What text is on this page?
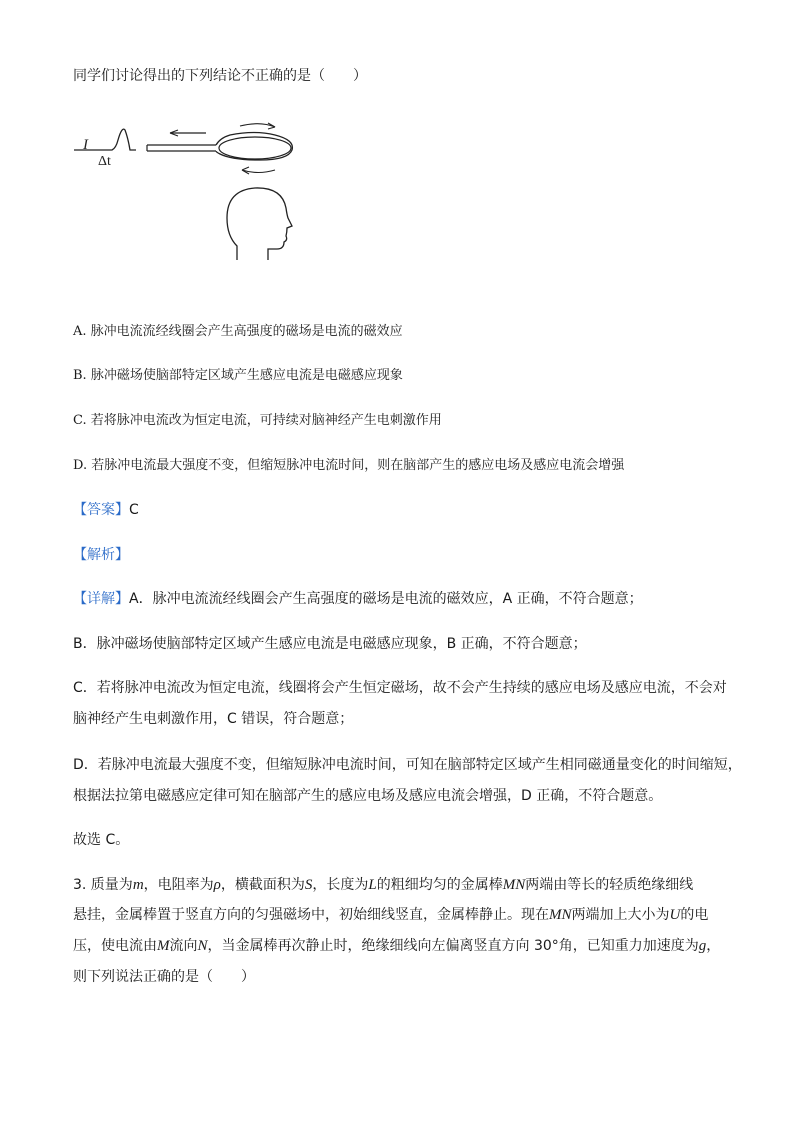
同学们讨论得出的下列结论不正确的是（　　）
I
Δt
A. 脉冲电流流经线圈会产生高强度的磁场是电流的磁效应
B. 脉冲磁场使脑部特定区域产生感应电流是电磁感应现象
C. 若将脉冲电流改为恒定电流，可持续对脑神经产生电刺激作用
D. 若脉冲电流最大强度不变，但缩短脉冲电流时间，则在脑部产生的感应电场及感应电流会增强
【答案】C
【解析】
【详解】A．脉冲电流流经线圈会产生高强度的磁场是电流的磁效应，A 正确，不符合题意；
B．脉冲磁场使脑部特定区域产生感应电流是电磁感应现象，B 正确，不符合题意；
C．若将脉冲电流改为恒定电流，线圈将会产生恒定磁场，故不会产生持续的感应电场及感应电流，不会对
脑神经产生电刺激作用，C 错误，符合题意；
D．若脉冲电流最大强度不变，但缩短脉冲电流时间，可知在脑部特定区域产生相同磁通量变化的时间缩短，
根据法拉第电磁感应定律可知在脑部产生的感应电场及感应电流会增强，D 正确，不符合题意。
故选 C。
3. 质量为m，电阻率为ρ，横截面积为S，长度为L的粗细均匀的金属棒MN两端由等长的轻质绝缘细线
悬挂，金属棒置于竖直方向的匀强磁场中，初始细线竖直，金属棒静止。现在MN两端加上大小为U的电
压，使电流由M流向N，当金属棒再次静止时，绝缘细线向左偏离竖直方向 30°角，已知重力加速度为g，
则下列说法正确的是（　　）
